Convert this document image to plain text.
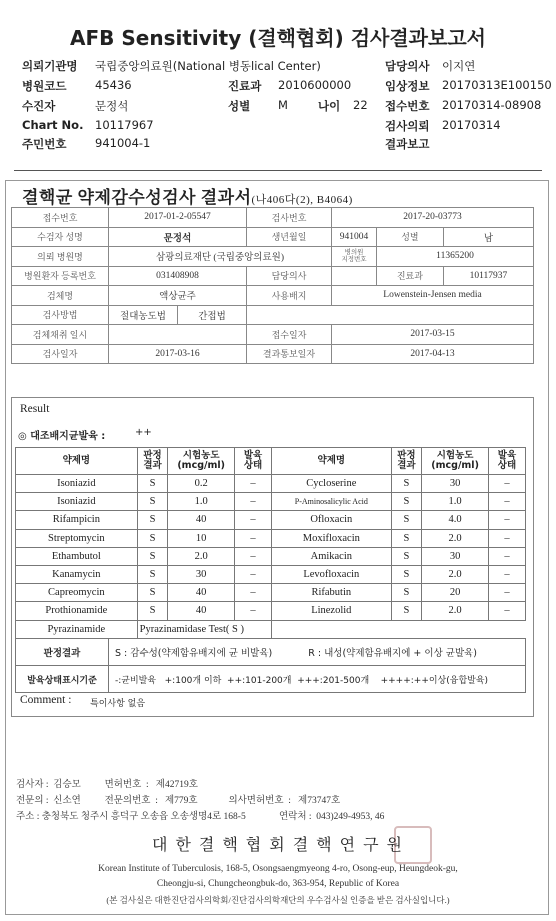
AFB Sensitivity (결핵협회) 검사결과보고서
의뢰기관명 국립중앙의료원(National 병동lical Center)
병원코드 45436
수진자	문정석
Chart No. 10117967
주민번호 941004-1
진료과 2010600000
성별 M	나이 22
담당의사 이지연
임상정보 20170313E100150
접수번호 20170314-08908
검사의뢰 20170314
결과보고
결핵균 약제감수성검사 결과서(나406다(2), B4064)
접수번호	2017-01-2-05547		검사번호	2017-20-03773		
수검자 성명	문정석		생년월일	941004	성별	남
의뢰 병원명	삼광의료재단 (국립중앙의료원)			병의원
지정번호	11365200	
병원환자 등록번호	031408908		담당의사		진료과	10117937
검체명	액상균주		사용배지	Lowenstein-Jensen media		
검사방법	절대농도법	간접법				
검체채취 일시			접수일자	2017-03-15		
검사일자	2017-03-16		결과통보일자	2017-04-13		
Result
◎ 대조배지균발육 :	++
약제명	판정
결과	시험농도
(mcg/ml)	발육
상태	약제명	판정
결과	시험농도
(mcg/ml)	발육
상태
Isoniazid	S	0.2	–	Cycloserine	S	30	–
Isoniazid	S	1.0	–	P-Aminosalicylic Acid	S	1.0	–
Rifampicin	S	40	–	Ofloxacin	S	4.0	–
Streptomycin	S	10	–	Moxifloxacin	S	2.0	–
Ethambutol	S	2.0	–	Amikacin	S	30	–
Kanamycin	S	30	–	Levofloxacin	S	2.0	–
Capreomycin	S	40	–	Rifabutin	S	20	–
Prothionamide	S	40	–	Linezolid	S	2.0	–
Pyrazinamide	Pyrazinamidase Test( S )						
판정결과	S : 감수성(약제함유배지에 균 비발육) R : 내성(약제함유배지에 + 이상 균발육)
발육상태표시기준	-:균비발육   +:100개 이하  ++:101-200개  +++:201-500개    ++++:++이상(융합발육)
Comment : 특이사항 없음
검사자 :  김승모          면허번호  :   제42719호
전문의 :  신소연          전문의번호  :   제779호             의사면허번호  :   제73747호
주소 : 충청북도 청주시 흥덕구 오송읍 오송생명4로 168-5              연락처 :  043)249-4953, 46
대 한 결 핵 협 회 결 핵 연 구 원
Korean Institute of Tuberculosis, 168-5, Osongsaengmyeong 4-ro, Osong-eup, Heungdeok-gu,
Cheongju-si, Chungcheongbuk-do, 363-954, Republic of Korea
(본 검사실은 대한진단검사의학회/진단검사의학재단의 우수검사실 인증을 받은 검사실입니다.)
